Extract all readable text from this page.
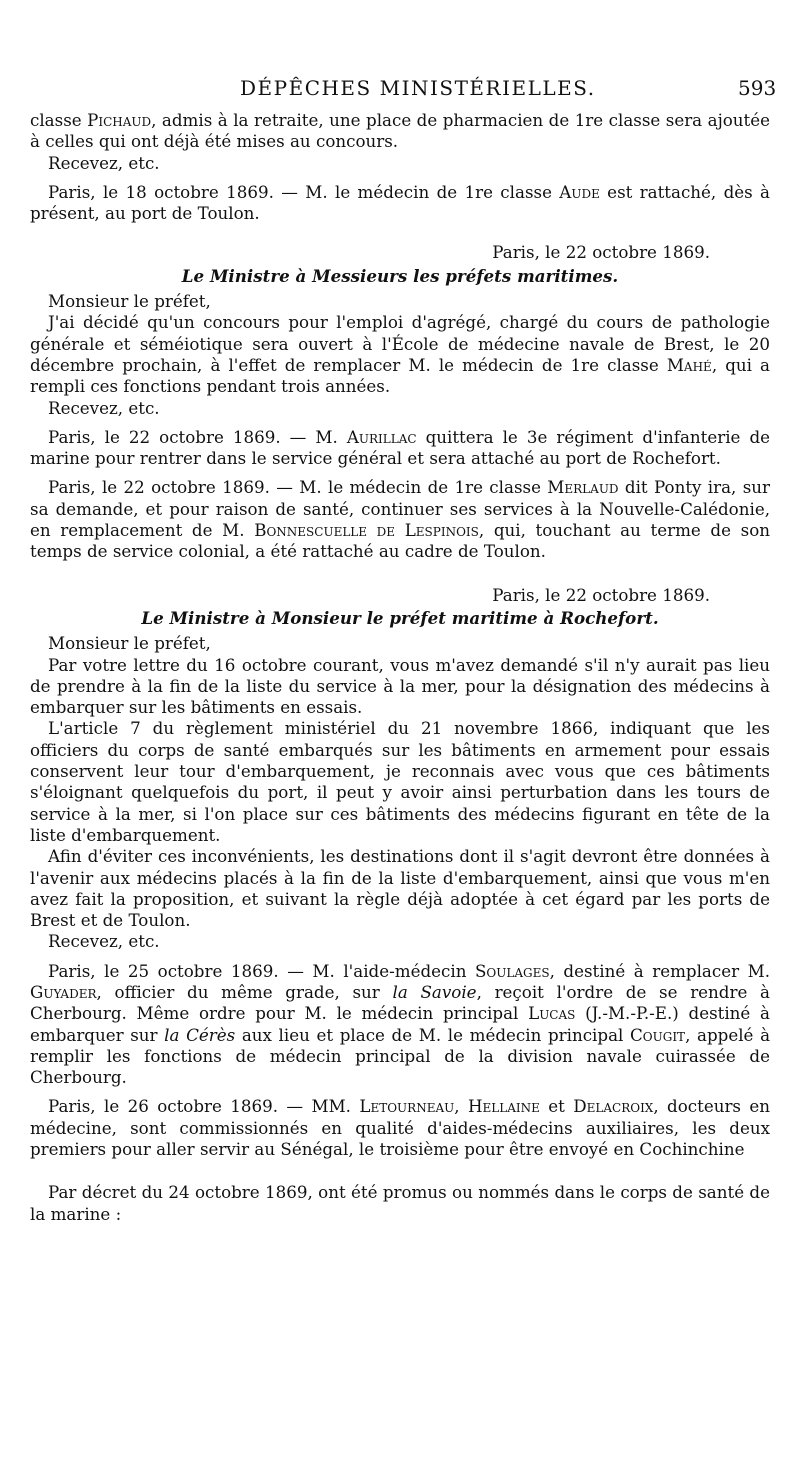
DÉPÊCHES MINISTÉRIELLES.	593

classe Pichaud, admis à la retraite, une place de pharmacien de 1re classe sera ajoutée à celles qui ont déjà été mises au concours.

Recevez, etc.

Paris, le 18 octobre 1869. — M. le médecin de 1re classe Aude est rattaché, dès à présent, au port de Toulon.

Paris, le 22 octobre 1869.

Le Ministre à Messieurs les préfets maritimes.

Monsieur le préfet,

J'ai décidé qu'un concours pour l'emploi d'agrégé, chargé du cours de pathologie générale et séméiotique sera ouvert à l'École de médecine navale de Brest, le 20 décembre prochain, à l'effet de remplacer M. le médecin de 1re classe Mahé, qui a rempli ces fonctions pendant trois années.

Recevez, etc.

Paris, le 22 octobre 1869. — M. Aurillac quittera le 3e régiment d'infanterie de marine pour rentrer dans le service général et sera attaché au port de Rochefort.

Paris, le 22 octobre 1869. — M. le médecin de 1re classe Merlaud dit Ponty ira, sur sa demande, et pour raison de santé, continuer ses services à la Nouvelle-Calédonie, en remplacement de M. Bonnescuelle de Lespinois, qui, touchant au terme de son temps de service colonial, a été rattaché au cadre de Toulon.

Paris, le 22 octobre 1869.

Le Ministre à Monsieur le préfet maritime à Rochefort.

Monsieur le préfet,

Par votre lettre du 16 octobre courant, vous m'avez demandé s'il n'y aurait pas lieu de prendre à la fin de la liste du service à la mer, pour la désignation des médecins à embarquer sur les bâtiments en essais.

L'article 7 du règlement ministériel du 21 novembre 1866, indiquant que les officiers du corps de santé embarqués sur les bâtiments en armement pour essais conservent leur tour d'embarquement, je reconnais avec vous que ces bâtiments s'éloignant quelquefois du port, il peut y avoir ainsi perturbation dans les tours de service à la mer, si l'on place sur ces bâtiments des médecins figurant en tête de la liste d'embarquement.

Afin d'éviter ces inconvénients, les destinations dont il s'agit devront être données à l'avenir aux médecins placés à la fin de la liste d'embarquement, ainsi que vous m'en avez fait la proposition, et suivant la règle déjà adoptée à cet égard par les ports de Brest et de Toulon.

Recevez, etc.

Paris, le 25 octobre 1869. — M. l'aide-médecin Soulages, destiné à remplacer M. Guyader, officier du même grade, sur la Savoie, reçoit l'ordre de se rendre à Cherbourg. Même ordre pour M. le médecin principal Lucas (J.-M.-P.-E.) destiné à embarquer sur la Cérès aux lieu et place de M. le médecin principal Cougit, appelé à remplir les fonctions de médecin principal de la division navale cuirassée de Cherbourg.

Paris, le 26 octobre 1869. — MM. Letourneau, Hellaine et Delacroix, docteurs en médecine, sont commissionnés en qualité d'aides-médecins auxiliaires, les deux premiers pour aller servir au Sénégal, le troisième pour être envoyé en Cochinchine

Par décret du 24 octobre 1869, ont été promus ou nommés dans le corps de santé de la marine :
